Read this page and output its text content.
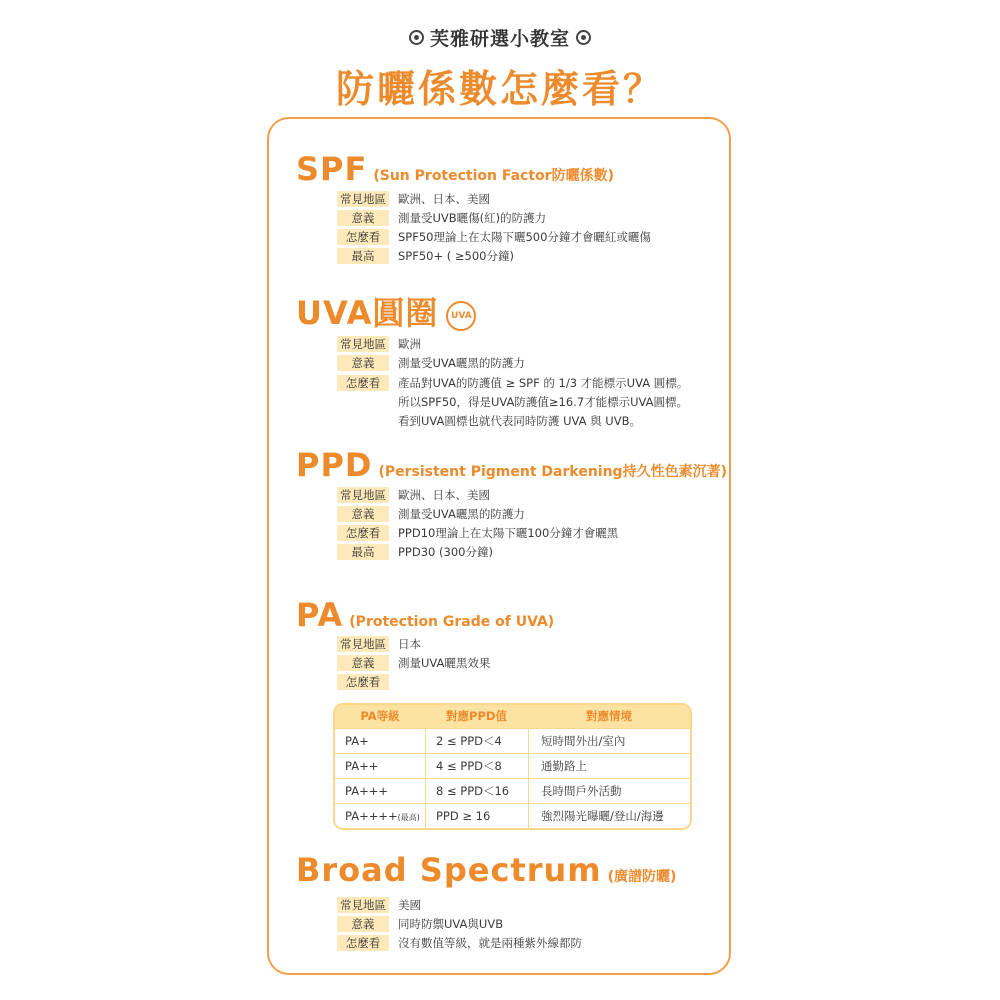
芙雅研選小教室
防曬係數怎麼看？
SPF (Sun Protection Factor防曬係數)
常見地區 歐洲、日本、美國
意義 測量受UVB曬傷(紅)的防護力
怎麼看 SPF50理論上在太陽下曬500分鐘才會曬紅或曬傷
最高 SPF50+ ( ≥500分鐘)
UVA圓圈 UVA
常見地區 歐洲
意義 測量受UVA曬黑的防護力
怎麼看 產品對UVA的防護值 ≥ SPF 的 1/3 才能標示UVA 圓標。
所以SPF50，得是UVA防護值≥16.7才能標示UVA圓標。
看到UVA圓標也就代表同時防護 UVA 與 UVB。
PPD (Persistent Pigment Darkening持久性色素沉著)
常見地區 歐洲、日本、美國
意義 測量受UVA曬黑的防護力
怎麼看 PPD10理論上在太陽下曬100分鐘才會曬黑
最高 PPD30 (300分鐘)
PA (Protection Grade of UVA)
常見地區 日本
意義 測量UVA曬黑效果
怎麼看
PA等級	對應PPD值	對應情境
PA+	2 ≤ PPD＜4	短時間外出/室內
PA++	4 ≤ PPD＜8	通勤路上
PA+++	8 ≤ PPD＜16	長時間戶外活動
PA++++(最高)	PPD ≥ 16	強烈陽光曝曬/登山/海邊
Broad Spectrum (廣譜防曬)
常見地區 美國
意義 同時防禦UVA與UVB
怎麼看 沒有數值等級，就是兩種紫外線都防
